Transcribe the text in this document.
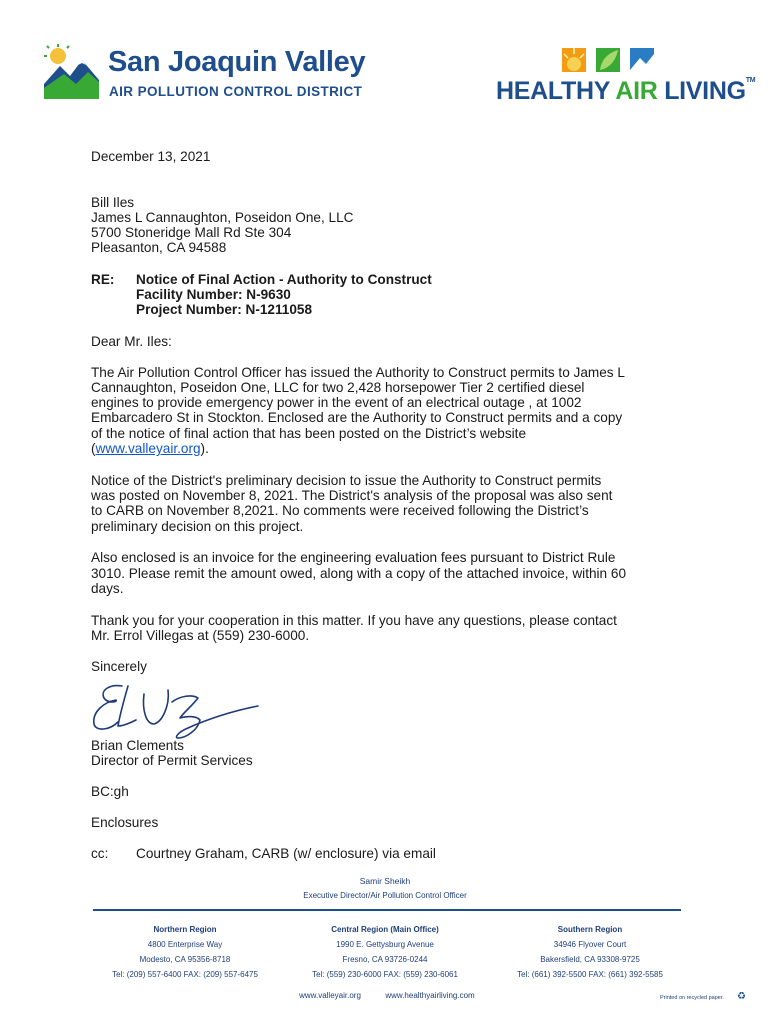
San Joaquin Valley
AIR POLLUTION CONTROL DISTRICT	HEALTHY AIR LIVING™
December 13, 2021
Bill Iles
James L Cannaughton, Poseidon One, LLC
5700 Stoneridge Mall Rd Ste 304
Pleasanton, CA 94588
RE: Notice of Final Action - Authority to Construct
Facility Number: N-9630
Project Number: N-1211058
Dear Mr. Iles:
The Air Pollution Control Officer has issued the Authority to Construct permits to James L
Cannaughton, Poseidon One, LLC for two 2,428 horsepower Tier 2 certified diesel
engines to provide emergency power in the event of an electrical outage , at 1002
Embarcadero St in Stockton. Enclosed are the Authority to Construct permits and a copy
of the notice of final action that has been posted on the District’s website
(www.valleyair.org).
Notice of the District's preliminary decision to issue the Authority to Construct permits
was posted on November 8, 2021. The District's analysis of the proposal was also sent
to CARB on November 8,2021. No comments were received following the District’s
preliminary decision on this project.
Also enclosed is an invoice for the engineering evaluation fees pursuant to District Rule
3010. Please remit the amount owed, along with a copy of the attached invoice, within 60
days.
Thank you for your cooperation in this matter. If you have any questions, please contact
Mr. Errol Villegas at (559) 230-6000.
Sincerely
Brian Clements
Director of Permit Services
BC:gh
Enclosures
cc: Courtney Graham, CARB (w/ enclosure) via email
Samir Sheikh
Executive Director/Air Pollution Control Officer
Northern Region
4800 Enterprise Way
Modesto, CA 95356-8718
Tel: (209) 557-6400 FAX: (209) 557-6475
Central Region (Main Office)
1990 E. Gettysburg Avenue
Fresno, CA 93726-0244
Tel: (559) 230-6000 FAX: (559) 230-6061
Southern Region
34946 Flyover Court
Bakersfield, CA 93308-9725
Tel: (661) 392-5500 FAX: (661) 392-5585
www.valleyair.org	www.healthyairliving.com	Printed on recycled paper.	♻
